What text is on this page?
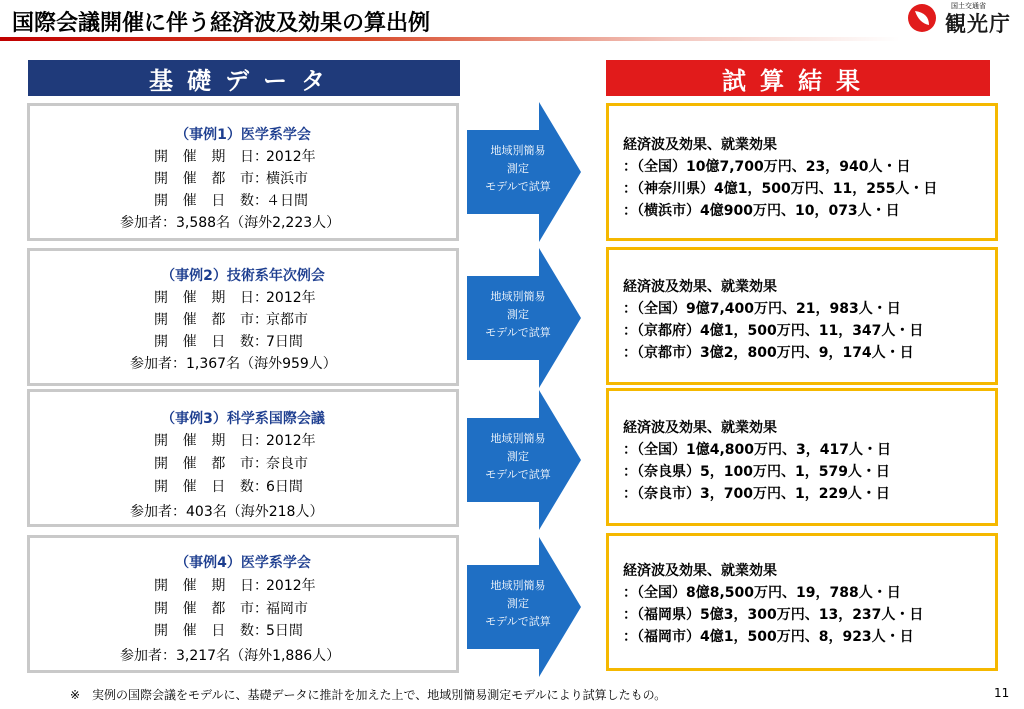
国際会議開催に伴う経済波及効果の算出例
国土交通省
観光庁
基礎データ	試算結果
（事例1）医学系学会
開催期日：2012年
開催都市：横浜市
開催日数：４日間
参加者：3,588名（海外2,223人）
（事例2）技術系年次例会
開催期日：2012年
開催都市：京都市
開催日数：7日間
参加者：1,367名（海外959人）
（事例3）科学系国際会議
開催期日：2012年
開催都市：奈良市
開催日数：6日間
参加者：403名（海外218人）
（事例4）医学系学会
開催期日：2012年
開催都市：福岡市
開催日数：5日間
参加者：3,217名（海外1,886人）
地域別簡易
測定
モデルで試算
地域別簡易
測定
モデルで試算
地域別簡易
測定
モデルで試算
地域別簡易
測定
モデルで試算
経済波及効果、就業効果
：（全国）10億7,700万円、23，940人・日
：（神奈川県）4億1，500万円、11，255人・日
：（横浜市）4億900万円、10，073人・日
経済波及効果、就業効果
：（全国）9億7,400万円、21，983人・日
：（京都府）4億1，500万円、11，347人・日
：（京都市）3億2，800万円、9，174人・日
経済波及効果、就業効果
：（全国）1億4,800万円、3，417人・日
：（奈良県）5，100万円、1，579人・日
：（奈良市）3，700万円、1，229人・日
経済波及効果、就業効果
：（全国）8億8,500万円、19，788人・日
：（福岡県）5億3，300万円、13，237人・日
：（福岡市）4億1，500万円、8，923人・日
※　実例の国際会議をモデルに、基礎データに推計を加えた上で、地域別簡易測定モデルにより試算したもの。	11
